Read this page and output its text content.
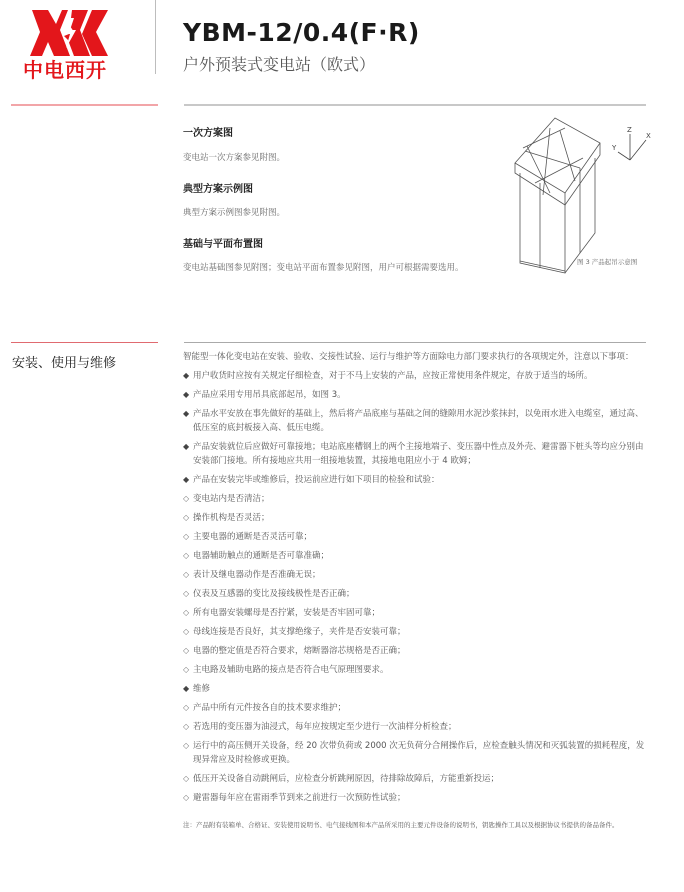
中电西开
YBM-12/0.4(F·R)
户外预装式变电站（欧式）
一次方案图
变电站一次方案参见附图。
典型方案示例图
典型方案示例图参见附图。
基础与平面布置图
变电站基础图参见附图；变电站平面布置参见附图，用户可根据需要选用。
Z
Y
X
图 3 产品起吊示意图
安装、使用与维修	智能型一体化变电站在安装、验收、交接性试验、运行与维护等方面除电力部门要求执行的各项规定外，注意以下事项：
◆ 用户收货时应按有关规定仔细检查，对于不马上安装的产品，应按正常使用条件规定，存放于适当的场所。
◆ 产品应采用专用吊具底部起吊，如图 3。
◆ 产品水平安放在事先做好的基础上，然后将产品底座与基础之间的缝隙用水泥沙浆抹封，以免雨水进入电缆室，通过高、低压室的底封板接入高、低压电缆。
◆ 产品安装就位后应做好可靠接地；电站底座槽钢上的两个主接地端子、变压器中性点及外壳、避雷器下桩头等均应分别由安装部门接地。所有接地应共用一组接地装置，其接地电阻应小于 4 欧姆；
◆ 产品在安装完毕或维修后，投运前应进行如下项目的检验和试验：
◇ 变电站内是否清洁；
◇ 操作机构是否灵活；
◇ 主要电器的通断是否灵活可靠；
◇ 电器辅助触点的通断是否可靠准确；
◇ 表计及继电器动作是否准确无误；
◇ 仪表及互感器的变比及接线极性是否正确；
◇ 所有电器安装螺母是否拧紧，安装是否牢固可靠；
◇ 母线连接是否良好，其支撑绝缘子，夹件是否安装可靠；
◇ 电器的整定值是否符合要求，熔断器溶芯规格是否正确；
◇ 主电路及辅助电路的接点是否符合电气原理图要求。
◆ 维修
◇ 产品中所有元件按各自的技术要求维护；
◇ 若选用的变压器为油浸式，每年应按规定至少进行一次油样分析检查；
◇ 运行中的高压侧开关设备，经 20 次带负荷或 2000 次无负荷分合闸操作后，应检查触头情况和灭弧装置的损耗程度，发现异常应及时检修或更换。
◇ 低压开关设备自动跳闸后，应检查分析跳闸原因，待排除故障后，方能重新投运；
◇ 避雷器每年应在雷雨季节到来之前进行一次预防性试验；
注：产品附有装箱单、合格证、安装使用说明书、电气接线图和本产品所采用的主要元件设备的说明书，钥匙操作工具以及根据协议书提供的备品备件。
